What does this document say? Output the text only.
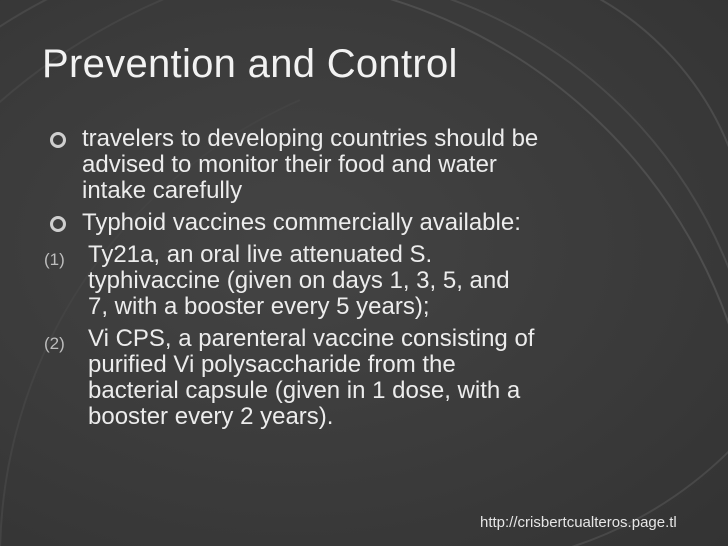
Prevention and Control
travelers to developing countries should be
advised to monitor their food and water
intake carefully
Typhoid vaccines commercially available:
(1) Ty21a, an oral live attenuated S.
typhivaccine (given on days 1, 3, 5, and
7, with a booster every 5 years);
(2) Vi CPS, a parenteral vaccine consisting of
purified Vi polysaccharide from the
bacterial capsule (given in 1 dose, with a
booster every 2 years).
http://crisbertcualteros.page.tl
